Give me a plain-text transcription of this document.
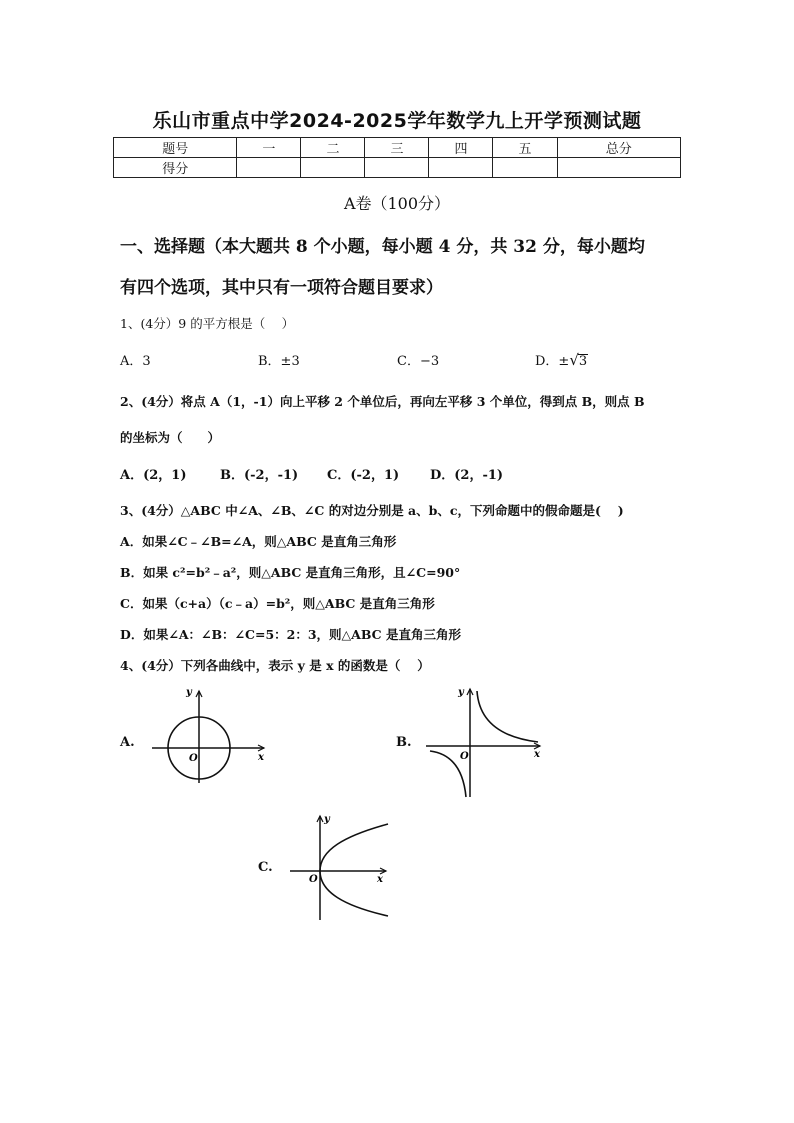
乐山市重点中学2024-2025学年数学九上开学预测试题
题号	一	二	三	四	五	总分
得分						
A卷（100分）
一、选择题（本大题共 8 个小题，每小题 4 分，共 32 分，每小题均
有四个选项，其中只有一项符合题目要求）
1、(4分）9 的平方根是（　 ）
A．3	B．±3	C．−3	D．±√3
2、(4分）将点 A（1，-1）向上平移 2 个单位后，再向左平移 3 个单位，得到点 B，则点 B
的坐标为（　　）
A．(2，1)	B．(-2，-1) C．(-2，1) D．(2，-1)
3、(4分）△ABC 中∠A、∠B、∠C 的对边分别是 a、b、c，下列命题中的假命题是(　 )
A．如果∠C﹣∠B=∠A，则△ABC 是直角三角形
B．如果 c²=b²﹣a²，则△ABC 是直角三角形，且∠C=90°
C．如果（c+a）（c﹣a）=b²，则△ABC 是直角三角形
D．如果∠A：∠B：∠C=5：2：3，则△ABC 是直角三角形
4、(4分）下列各曲线中，表示 y 是 x 的函数是（　 ）
A.	B.
C.
x
y
O	x
y
O
x
y
O
